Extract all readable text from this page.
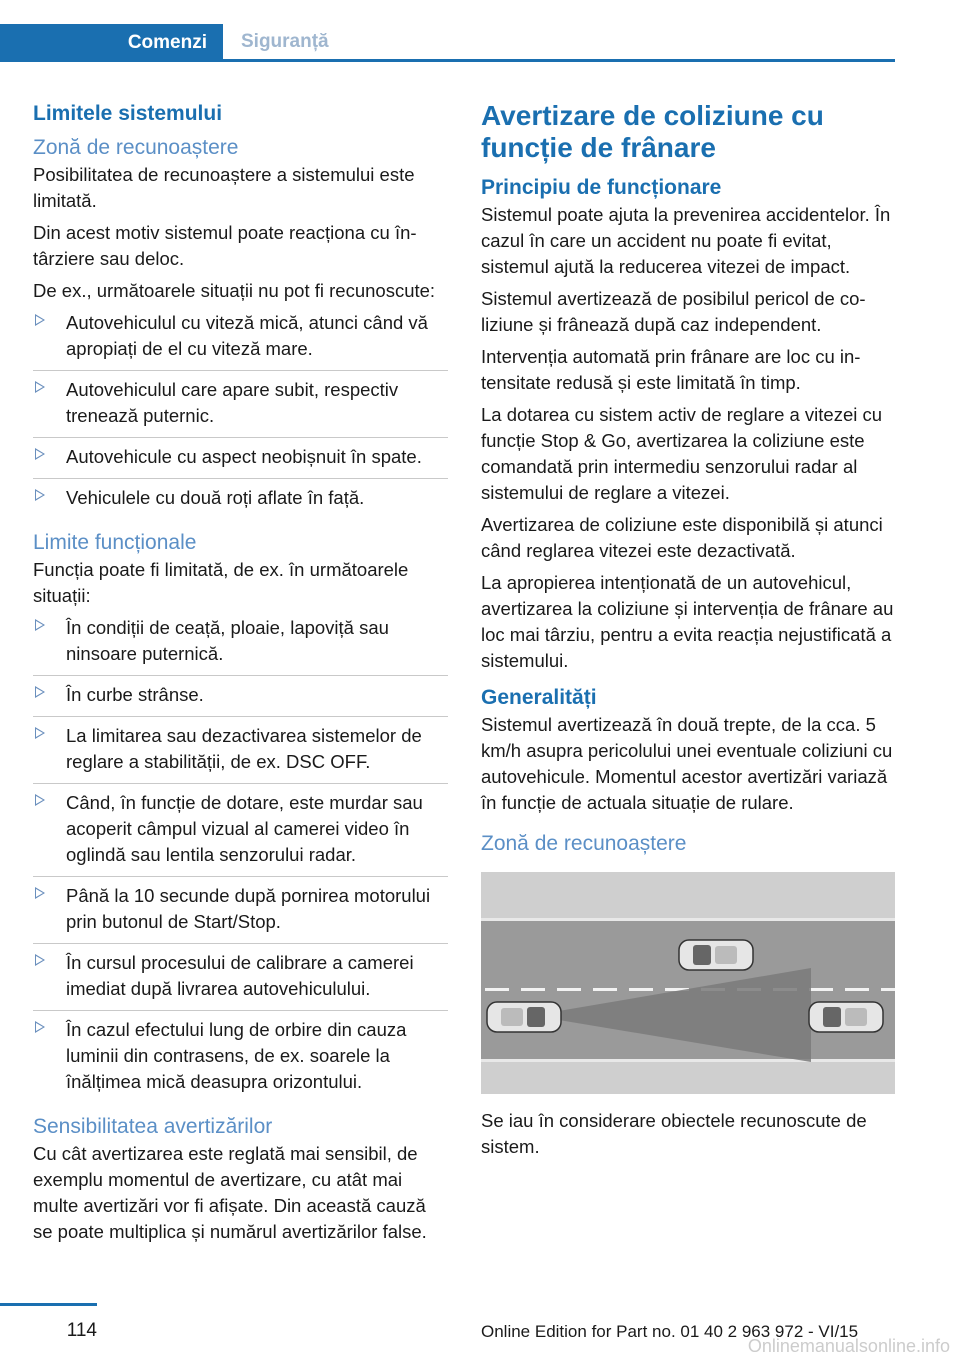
Comenzi	Siguranță
Limitele sistemului
Zonă de recunoaștere

Posibilitatea de recunoaștere a sistemului este limitată.

Din acest motiv sistemul poate reacționa cu întârziere sau deloc.

De ex., următoarele situații nu pot fi recunoscute:

Autovehiculul cu viteză mică, atunci când vă apropiați de el cu viteză mare.
Autovehiculul care apare subit, respectiv trenează puternic.
Autovehicule cu aspect neobișnuit în spate.
Vehiculele cu două roți aflate în față.
Limite funcționale

Funcția poate fi limitată, de ex. în următoarele situații:

În condiții de ceață, ploaie, lapoviță sau ninsoare puternică.
În curbe strânse.
La limitarea sau dezactivarea sistemelor de reglare a stabilității, de ex. DSC OFF.
Când, în funcție de dotare, este murdar sau acoperit câmpul vizual al camerei video în oglindă sau lentila senzorului radar.
Până la 10 secunde după pornirea motorului prin butonul de Start/Stop.
În cursul procesului de calibrare a camerei imediat după livrarea autovehiculului.
În cazul efectului lung de orbire din cauza luminii din contrasens, de ex. soarele la înălțimea mică deasupra orizontului.
Sensibilitatea avertizărilor

Cu cât avertizarea este reglată mai sensibil, de exemplu momentul de avertizare, cu atât mai multe avertizări vor fi afișate. Din această cauză se poate multiplica și numărul avertizărilor false.

Avertizare de coliziune cu funcție de frânare
Principiu de funcționare

Sistemul poate ajuta la prevenirea accidentelor. În cazul în care un accident nu poate fi evitat, sistemul ajută la reducerea vitezei de impact.

Sistemul avertizează de posibilul pericol de coliziune și frânează după caz independent.

Intervenția automată prin frânare are loc cu intensitate redusă și este limitată în timp.

La dotarea cu sistem activ de reglare a vitezei cu funcție Stop & Go, avertizarea la coliziune este comandată prin intermediu senzorului radar al sistemului de reglare a vitezei.

Avertizarea de coliziune este disponibilă și atunci când reglarea vitezei este dezactivată.

La apropierea intenționată de un autovehicul, avertizarea la coliziune și intervenția de frânare au loc mai târziu, pentru a evita reacția nejustificată a sistemului.

Generalități

Sistemul avertizează în două trepte, de la cca. 5 km/h asupra pericolului unei eventuale coliziuni cu autovehicule. Momentul acestor avertizări variază în funcție de actuala situație de rulare.

Zonă de recunoaștere

Se iau în considerare obiectele recunoscute de sistem.

114	Online Edition for Part no. 01 40 2 963 972 - VI/15
Onlinemanualsonline.info
